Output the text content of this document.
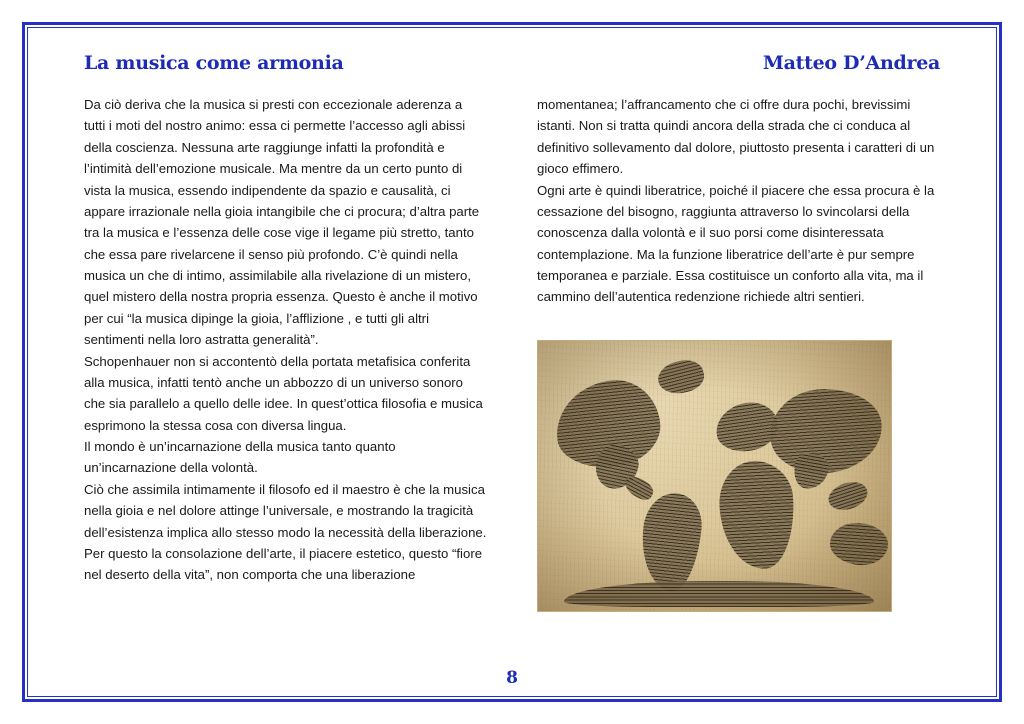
La musica come armonia	Matteo D’Andrea

Da ciò deriva che la musica si presti con eccezionale aderenza a tutti i moti del nostro animo: essa ci permette l’accesso agli abissi della coscienza. Nessuna arte raggiunge infatti la profondità e l’intimità dell’emozione musicale. Ma mentre da un certo punto di vista la musica, essendo indipendente da spazio e causalità, ci appare irrazionale nella gioia intangibile che ci procura; d’altra parte tra la musica e l’essenza delle cose vige il legame più stretto, tanto che essa pare rivelarcene il senso più profondo. C’è quindi nella musica un che di intimo, assimilabile alla rivelazione di un mistero, quel mistero della nostra propria essenza. Questo è anche il motivo per cui “la musica dipinge la gioia, l’afflizione , e tutti gli altri sentimenti nella loro astratta generalità”.

Schopenhauer non si accontentò della portata metafisica conferita alla musica, infatti tentò anche un abbozzo di un universo sonoro che sia parallelo a quello delle idee. In quest’ottica filosofia e musica esprimono la stessa cosa con diversa lingua.

Il mondo è un’incarnazione della musica tanto quanto un’incarnazione della volontà.

Ciò che assimila intimamente il filosofo ed il maestro è che la musica nella gioia e nel dolore attinge l’universale, e mostrando la tragicità dell’esistenza implica allo stesso modo la necessità della liberazione.

Per questo la consolazione dell’arte, il piacere estetico, questo “fiore nel deserto della vita”, non comporta che una liberazione

momentanea; l’affrancamento che ci offre dura pochi, brevissimi istanti. Non si tratta quindi ancora della strada che ci conduca al definitivo sollevamento dal dolore, piuttosto presenta i caratteri di un gioco effimero.

Ogni arte è quindi liberatrice, poiché il piacere che essa procura è la cessazione del bisogno, raggiunta attraverso lo svincolarsi della conoscenza dalla volontà e il suo porsi come disinteressata contemplazione. Ma la funzione liberatrice dell’arte è pur sempre temporanea e parziale. Essa costituisce un conforto alla vita, ma il cammino dell’autentica redenzione richiede altri sentieri.

8
